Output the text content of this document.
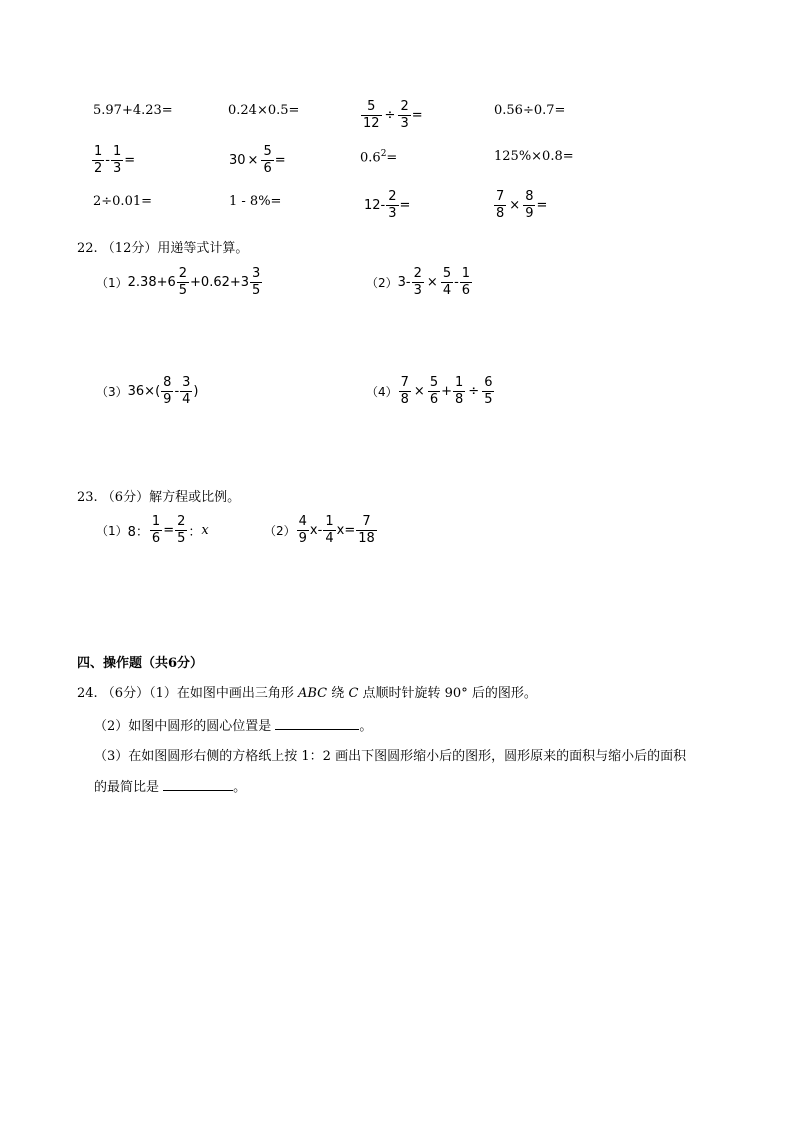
5.97+4.23=	0.24×0.5=	$\frac{5}{12} \div \frac{2}{3}$ =	0.56÷0.7=
$\frac{1}{2} - \frac{1}{3}$ =	$30 \times \frac{5}{6}$ =	$0.6^2=$	125%×0.8=
2÷0.01=	1 - 8%=	$12 - \frac{2}{3}$ =	$\frac{7}{8} \times \frac{8}{9}$ =
22. （12分）用递等式计算。
（1） $2.38+6 \frac{2}{5} +0.62+3 \frac{3}{5}$	（2） $3 - \frac{2}{3} \times \frac{5}{4} - \frac{1}{6}$
（3） $36\times( \frac{8}{9} - \frac{3}{4}$ )	$(4) \frac{7}{8} \times \frac{5}{6} + \frac{1}{8} \div \frac{6}{5}$
23. （6分）解方程或比例。
（1） 8： $\frac{1}{6} = \frac{2}{5}$ ： x	$(2) \frac{4}{9}$ x - $\frac{1}{4}$ $x = \frac{7}{18}$
四、操作题（共6分）
24. （6分）（1）在如图中画出三角形 ABC 绕 C 点顺时针旋转 90° 后的图形。
（2）如图中圆形的圆心位置是	。
（3）在如图圆形右侧的方格纸上按 1：2 画出下图圆形缩小后的图形，圆形原来的面积与缩小后的面积
的最简比是	。
